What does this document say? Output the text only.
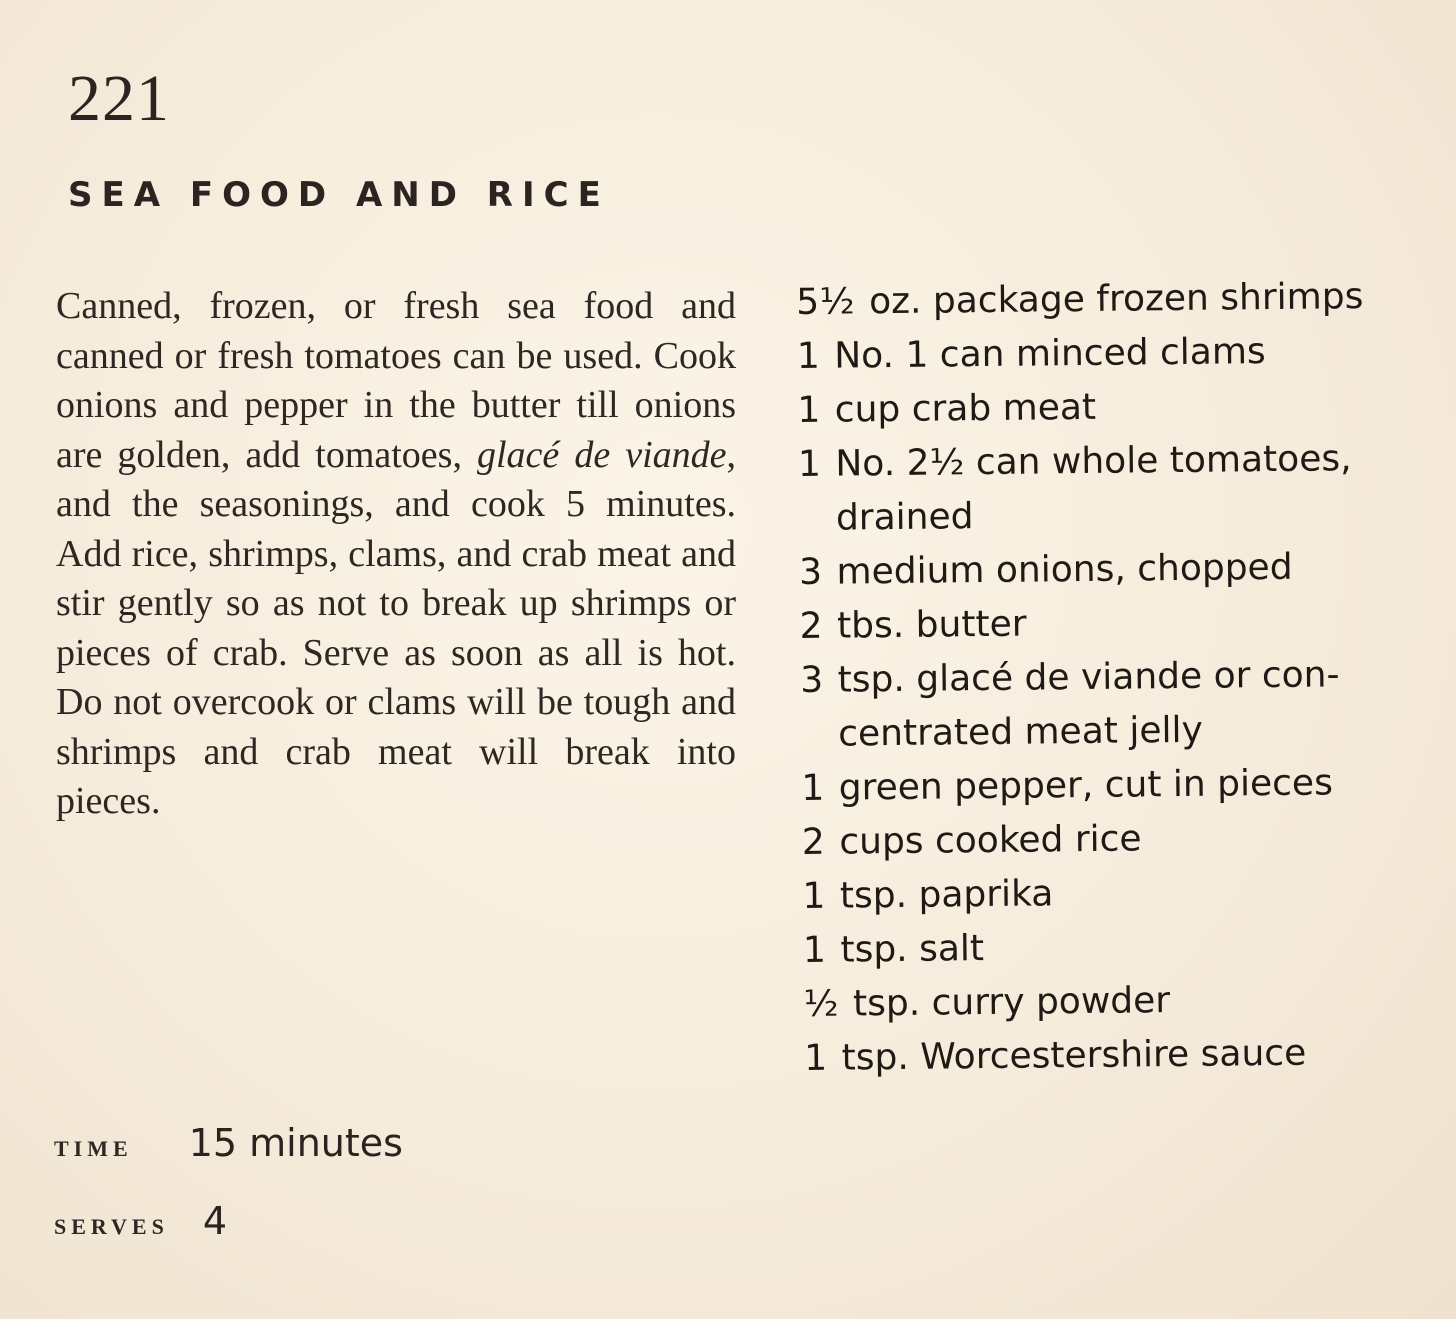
221
SEA FOOD AND RICE

Canned, frozen, or fresh sea food and canned or fresh tomatoes can be used. Cook onions and pepper in the butter till onions are golden, add tomatoes, glacé de viande, and the seasonings, and cook 5 minutes. Add rice, shrimps, clams, and crab meat and stir gently so as not to break up shrimps or pieces of crab. Serve as soon as all is hot. Do not overcook or clams will be tough and shrimps and crab meat will break into pieces.

5½ oz. package frozen shrimps
1 No. 1 can minced clams
1 cup crab meat
1 No. 2½ can whole tomatoes, drained
3 medium onions, chopped
2 tbs. butter
3 tsp. glacé de viande or con-centrated meat jelly
1 green pepper, cut in pieces
2 cups cooked rice
1 tsp. paprika
1 tsp. salt
½ tsp. curry powder
1 tsp. Worcestershire sauce
TIME 15 minutes
SERVES 4
